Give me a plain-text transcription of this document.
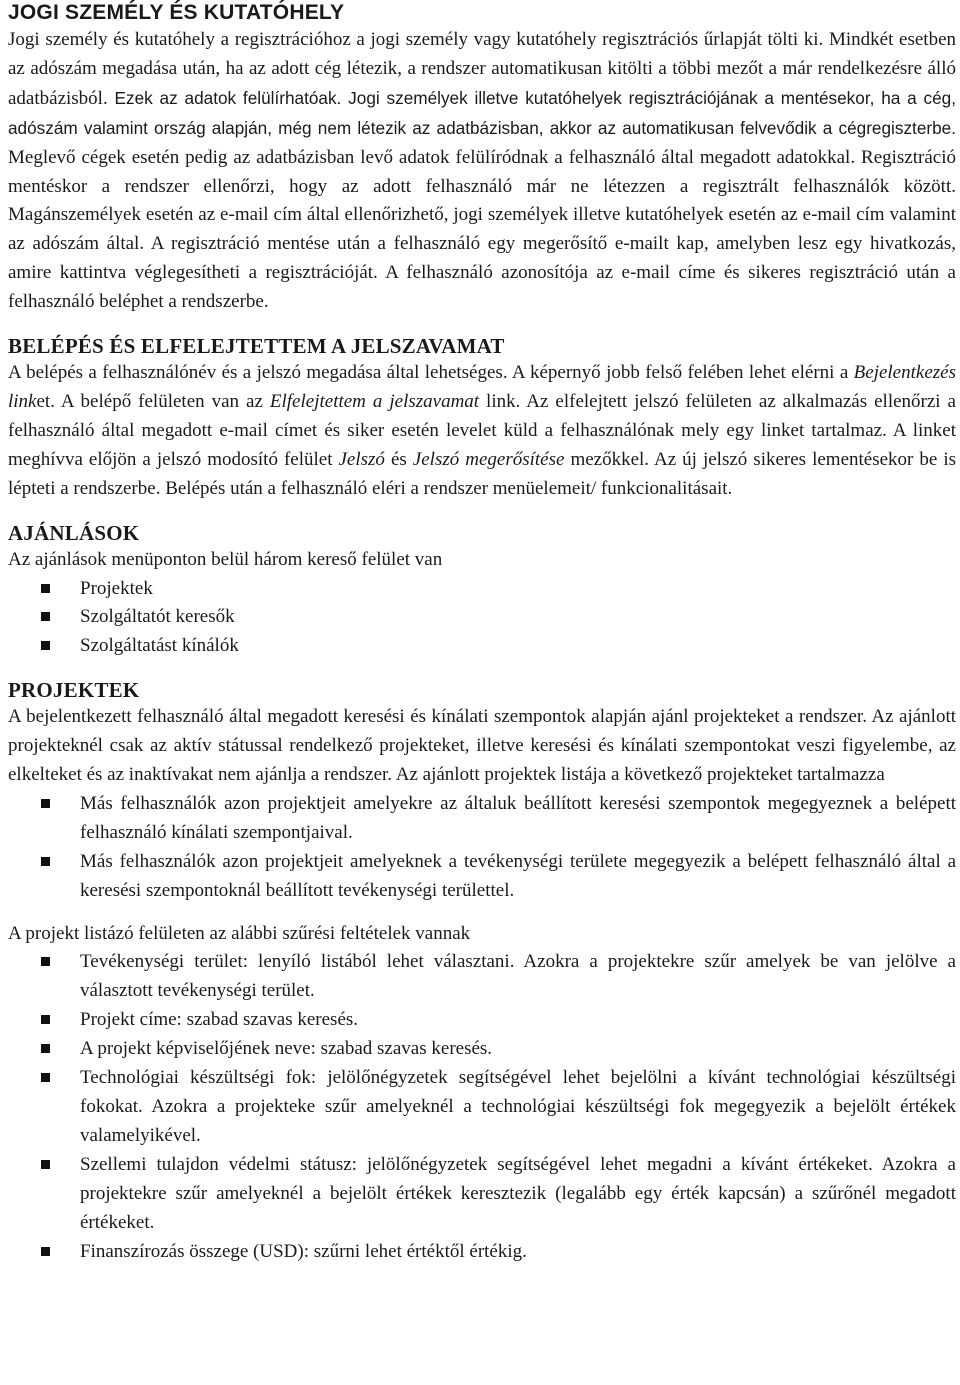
JOGI SZEMÉLY ÉS KUTATÓHELY

Jogi személy és kutatóhely a regisztrációhoz a jogi személy vagy kutatóhely regisztrációs űrlapját tölti ki. Mindkét esetben az adószám megadása után, ha az adott cég létezik, a rendszer automatikusan kitölti a többi mezőt a már rendelkezésre álló adatbázisból. Ezek az adatok felülírhatóak. Jogi személyek illetve kutatóhelyek regisztrációjának a mentésekor, ha a cég, adószám valamint ország alapján, még nem létezik az adatbázisban, akkor az automatikusan felvevődik a cégregiszterbe. Meglevő cégek esetén pedig az adatbázisban levő adatok felülíródnak a felhasználó által megadott adatokkal. Regisztráció mentéskor a rendszer ellenőrzi, hogy az adott felhasználó már ne létezzen a regisztrált felhasználók között. Magánszemélyek esetén az e-mail cím által ellenőrizhető, jogi személyek illetve kutatóhelyek esetén az e-mail cím valamint az adószám által. A regisztráció mentése után a felhasználó egy megerősítő e-mailt kap, amelyben lesz egy hivatkozás, amire kattintva véglegesítheti a regisztrációját. A felhasználó azonosítója az e-mail címe és sikeres regisztráció után a felhasználó beléphet a rendszerbe.

BELÉPÉS ÉS ELFELEJTETTEM A JELSZAVAMAT

A belépés a felhasználónév és a jelszó megadása által lehetséges. A képernyő jobb felső felében lehet elérni a Bejelentkezés linket. A belépő felületen van az Elfelejtettem a jelszavamat link. Az elfelejtett jelszó felületen az alkalmazás ellenőrzi a felhasználó által megadott e-mail címet és siker esetén levelet küld a felhasználónak mely egy linket tartalmaz. A linket meghívva előjön a jelszó modosító felület Jelszó és Jelszó megerősítése mezőkkel. Az új jelszó sikeres lementésekor be is lépteti a rendszerbe. Belépés után a felhasználó eléri a rendszer menüelemeit/ funkcionalitásait.

AJÁNLÁSOK

Az ajánlások menüponton belül három kereső felület van

Projektek
Szolgáltatót keresők
Szolgáltatást kínálók
PROJEKTEK

A bejelentkezett felhasználó által megadott keresési és kínálati szempontok alapján ajánl projekteket a rendszer. Az ajánlott projekteknél csak az aktív státussal rendelkező projekteket, illetve keresési és kínálati szempontokat veszi figyelembe, az elkelteket és az inaktívakat nem ajánlja a rendszer. Az ajánlott projektek listája a következő projekteket tartalmazza

Más felhasználók azon projektjeit amelyekre az általuk beállított keresési szempontok megegyeznek a belépett felhasználó kínálati szempontjaival.
Más felhasználók azon projektjeit amelyeknek a tevékenységi területe megegyezik a belépett felhasználó által a keresési szempontoknál beállított tevékenységi területtel.

A projekt listázó felületen az alábbi szűrési feltételek vannak

Tevékenységi terület: lenyíló listából lehet választani. Azokra a projektekre szűr amelyek be van jelölve a választott tevékenységi terület.
Projekt címe: szabad szavas keresés.
A projekt képviselőjének neve: szabad szavas keresés.
Technológiai készültségi fok: jelölőnégyzetek segítségével lehet bejelölni a kívánt technológiai készültségi fokokat. Azokra a projekteke szűr amelyeknél a technológiai készültségi fok megegyezik a bejelölt értékek valamelyikével.
Szellemi tulajdon védelmi státusz: jelölőnégyzetek segítségével lehet megadni a kívánt értékeket. Azokra a projektekre szűr amelyeknél a bejelölt értékek keresztezik (legalább egy érték kapcsán) a szűrőnél megadott értékeket.
Finanszírozás összege (USD): szűrni lehet értéktől értékig.
